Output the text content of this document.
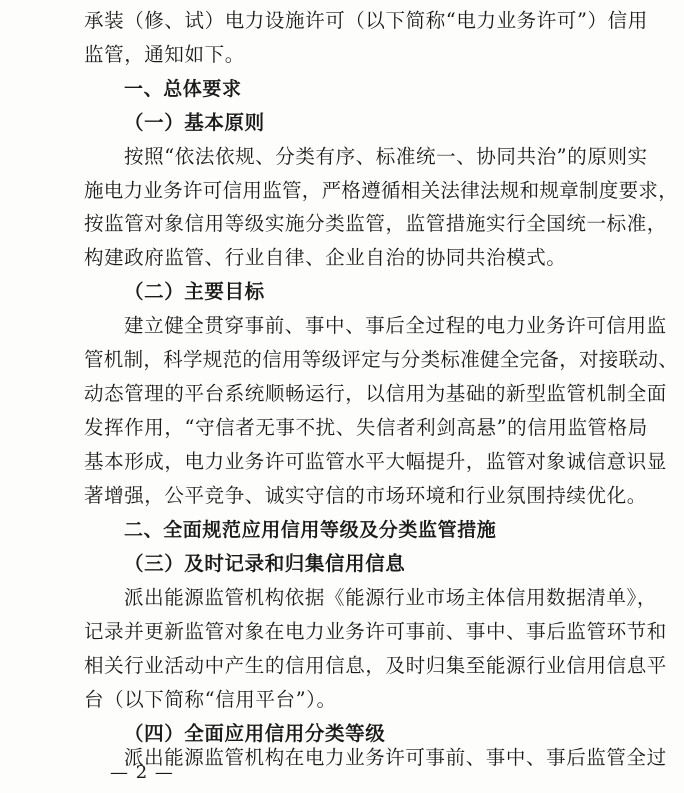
承装（修、试）电力设施许可（以下简称“电力业务许可”）信用
监管，通知如下。
一、总体要求
（一）基本原则
按照“依法依规、分类有序、标准统一、协同共治”的原则实
施电力业务许可信用监管，严格遵循相关法律法规和规章制度要求，
按监管对象信用等级实施分类监管，监管措施实行全国统一标准，
构建政府监管、行业自律、企业自治的协同共治模式。
（二）主要目标
建立健全贯穿事前、事中、事后全过程的电力业务许可信用监
管机制，科学规范的信用等级评定与分类标准健全完备，对接联动、
动态管理的平台系统顺畅运行，以信用为基础的新型监管机制全面
发挥作用，“守信者无事不扰、失信者利剑高悬”的信用监管格局
基本形成，电力业务许可监管水平大幅提升，监管对象诚信意识显
著增强，公平竞争、诚实守信的市场环境和行业氛围持续优化。
二、全面规范应用信用等级及分类监管措施
（三）及时记录和归集信用信息
派出能源监管机构依据《能源行业市场主体信用数据清单》，
记录并更新监管对象在电力业务许可事前、事中、事后监管环节和
相关行业活动中产生的信用信息，及时归集至能源行业信用信息平
台（以下简称“信用平台”）。
（四）全面应用信用分类等级
派出能源监管机构在电力业务许可事前、事中、事后监管全过
— 2 —
